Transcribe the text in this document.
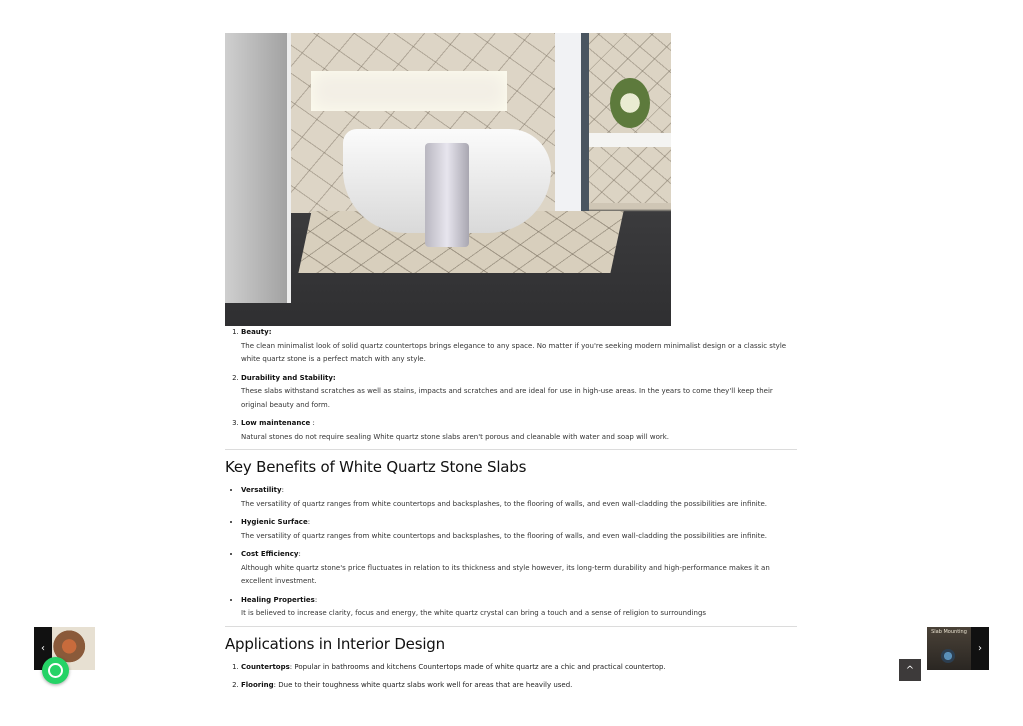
1. Beauty:
The clean minimalist look of solid quartz countertops brings elegance to any space. No matter if you're seeking modern minimalist design or a classic style white quartz stone is a perfect match with any style.
2. Durability and Stability:
These slabs withstand scratches as well as stains, impacts and scratches and are ideal for use in high-use areas. In the years to come they'll keep their original beauty and form.
3. Low maintenance :
Natural stones do not require sealing White quartz stone slabs aren't porous and cleanable with water and soap will work.
Key Benefits of White Quartz Stone Slabs
• Versatility:
The versatility of quartz ranges from white countertops and backsplashes, to the flooring of walls, and even wall-cladding the possibilities are infinite.
• Hygienic Surface:
The versatility of quartz ranges from white countertops and backsplashes, to the flooring of walls, and even wall-cladding the possibilities are infinite.
• Cost Efficiency:
Although white quartz stone's price fluctuates in relation to its thickness and style however, its long-term durability and high-performance makes it an excellent investment.
• Healing Properties:
It is believed to increase clarity, focus and energy, the white quartz crystal can bring a touch and a sense of religion to surroundings
Applications in Interior Design
1. Countertops: Popular in bathrooms and kitchens Countertops made of white quartz are a chic and practical countertop.
2. Flooring: Due to their toughness white quartz slabs work well for areas that are heavily used.
‹
Slab Mounting
›
^
